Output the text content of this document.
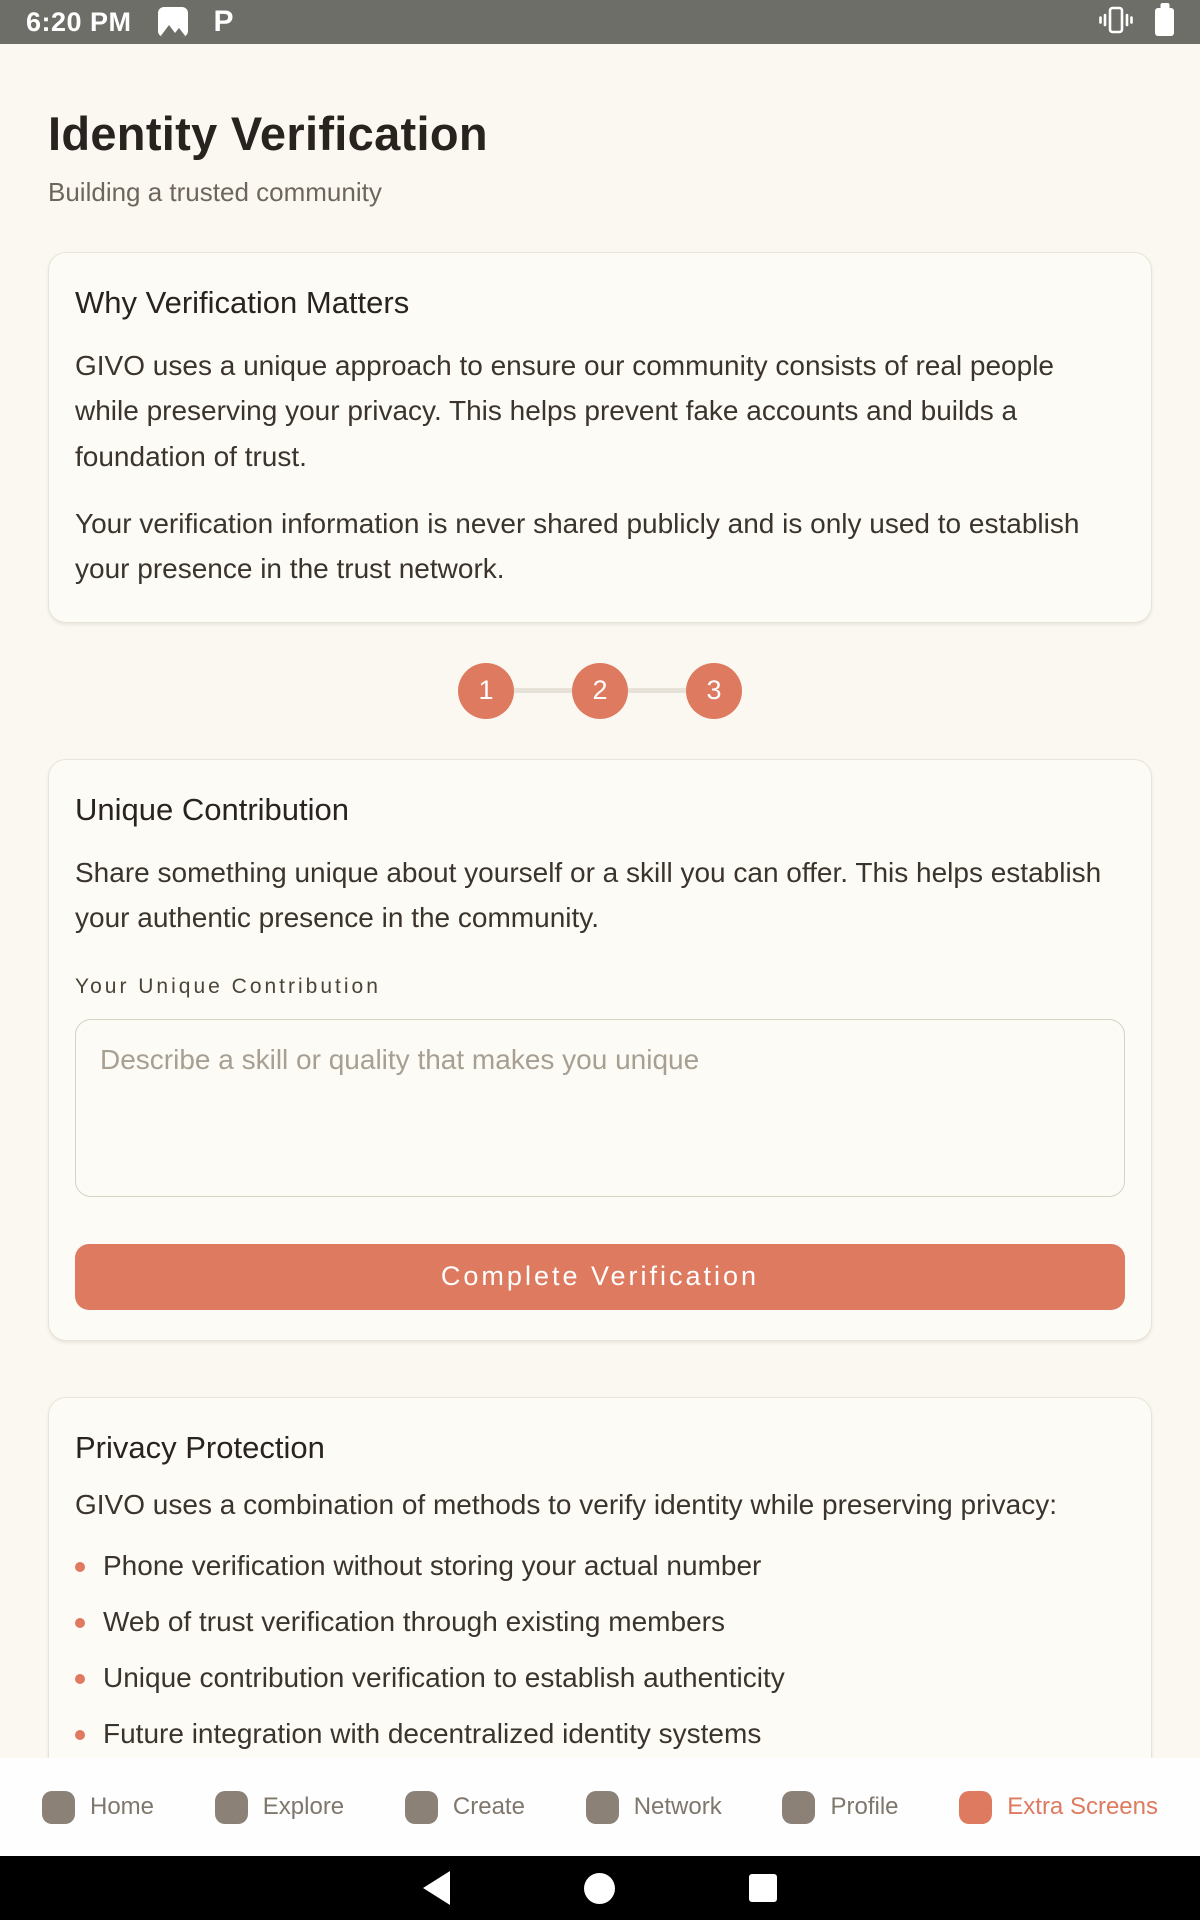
6:20 PM	P
Identity Verification
Building a trusted community
Why Verification Matters

GIVO uses a unique approach to ensure our community consists of real people while preserving your privacy. This helps prevent fake accounts and builds a foundation of trust.

Your verification information is never shared publicly and is only used to establish your presence in the trust network.

1	2	3
Unique Contribution

Share something unique about yourself or a skill you can offer. This helps establish your authentic presence in the community.

Your Unique Contribution
Describe a skill or quality that makes you unique Complete Verification
Privacy Protection

GIVO uses a combination of methods to verify identity while preserving privacy:

Phone verification without storing your actual number
Web of trust verification through existing members
Unique contribution verification to establish authenticity
Future integration with decentralized identity systems
Home	Explore	Create	Network	Profile	Extra Screens
